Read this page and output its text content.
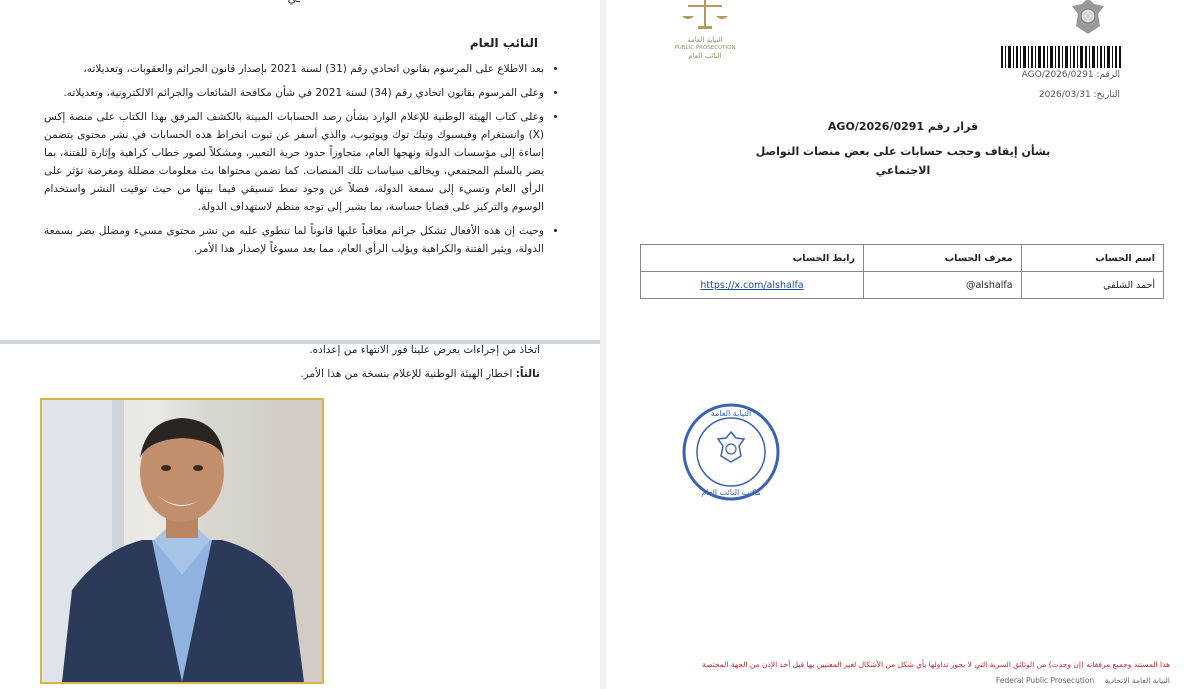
النائب العام
• بعد الاطلاع على المرسوم بقانون اتحادي رقم (31) لسنة 2021 بإصدار قانون الجرائم والعقوبات، وتعديلاته،
• وعلى المرسوم بقانون اتحادي رقم (34) لسنة 2021 في شأن مكافحة الشائعات والجرائم الالكترونية، وتعديلاته.
• وعلى كتاب الهيئة الوطنية للإعلام الوارد بشأن رصد الحسابات المبينة بالكشف المرفق بهذا الكتاب على منصة إكس (X) وانستغرام وفيسبوك وتيك توك ويوتيوب، والذي أسفر عن ثبوت انخراط هذه الحسابات في نشر محتوى يتضمن إساءة إلى مؤسسات الدولة ونهجها العام، متجاوزاً حدود حرية التعبير، ومشكلاً لصور خطاب كراهية وإثارة للفتنة، بما يضر بالسلم المجتمعي، ويخالف سياسات تلك المنصات. كما تضمن محتواها بث معلومات مضللة ومغرضة تؤثر على الرأي العام وتسيء إلى سمعة الدولة، فضلاً عن وجود نمط تنسيقي فيما بينها من حيث توقيت النشر واستخدام الوسوم والتركيز على قضايا حساسة، بما يشير إلى توجه منظم لاستهداف الدولة.
• وحيث إن هذه الأفعال تشكل جرائم معاقباً عليها قانوناً لما تنطوي عليه من نشر محتوى مسيء ومضلل يضر بسمعة الدولة، ويثير الفتنة والكراهية ويؤلب الرأي العام، مما يعد مسوغاً لإصدار هذا الأمر.
اتخاذ من إجراءات يعرض علينا فور الانتهاء من إعداده.
ثالثاً: اخطار الهيئة الوطنية للإعلام بنسخة من هذا الأمر.
النيابة العامة
PUBLIC PROSECUTION
النائب العام
الرقم: AGO/2026/0291
التاريخ: 2026/03/31
قرار رقم AGO/2026/0291
بشأن إيقاف وحجب حسابات على بعض منصات التواصل
الاجتماعي
رابط الحساب	معرف الحساب	اسم الحساب
https://x.com/alshalfa	@alshalfa	أحمد الشلفي
النيابة العامة
مكتب النائب العام
هذا المستند وجميع مرفقاته (إن وجدت) من الوثائق السرية التي لا يجوز تداولها بأي شكل من الأشكال لغير المعنيين بها قبل أخذ الإذن من الجهة المختصة
النيابة العامة الاتحادية Federal Public Prosecution
